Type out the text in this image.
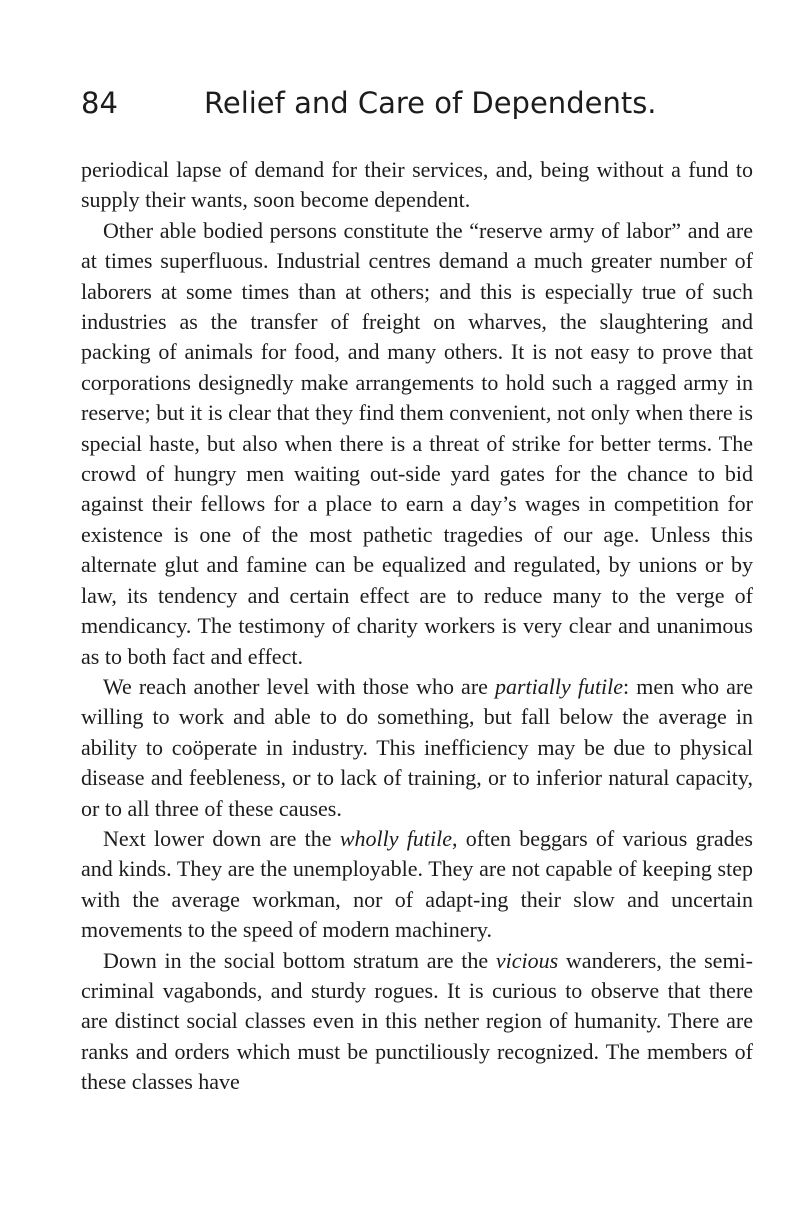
84	Relief and Care of Dependents.

periodical lapse of demand for their services, and, being without a fund to supply their wants, soon become dependent.

Other able bodied persons constitute the “reserve army of labor” and are at times superfluous. Industrial centres demand a much greater number of laborers at some times than at others; and this is especially true of such industries as the transfer of freight on wharves, the slaughtering and packing of animals for food, and many others. It is not easy to prove that corporations designedly make arrangements to hold such a ragged army in reserve; but it is clear that they find them convenient, not only when there is special haste, but also when there is a threat of strike for better terms. The crowd of hungry men waiting out-side yard gates for the chance to bid against their fellows for a place to earn a day’s wages in competition for existence is one of the most pathetic tragedies of our age. Unless this alternate glut and famine can be equalized and regulated, by unions or by law, its tendency and certain effect are to reduce many to the verge of mendicancy. The testimony of charity workers is very clear and unanimous as to both fact and effect.

We reach another level with those who are partially futile: men who are willing to work and able to do something, but fall below the average in ability to coöperate in industry. This inefficiency may be due to physical disease and feebleness, or to lack of training, or to inferior natural capacity, or to all three of these causes.

Next lower down are the wholly futile, often beggars of various grades and kinds. They are the unemployable. They are not capable of keeping step with the average workman, nor of adapt-ing their slow and uncertain movements to the speed of modern machinery.

Down in the social bottom stratum are the vicious wanderers, the semi-criminal vagabonds, and sturdy rogues. It is curious to observe that there are distinct social classes even in this nether region of humanity. There are ranks and orders which must be punctiliously recognized. The members of these classes have
